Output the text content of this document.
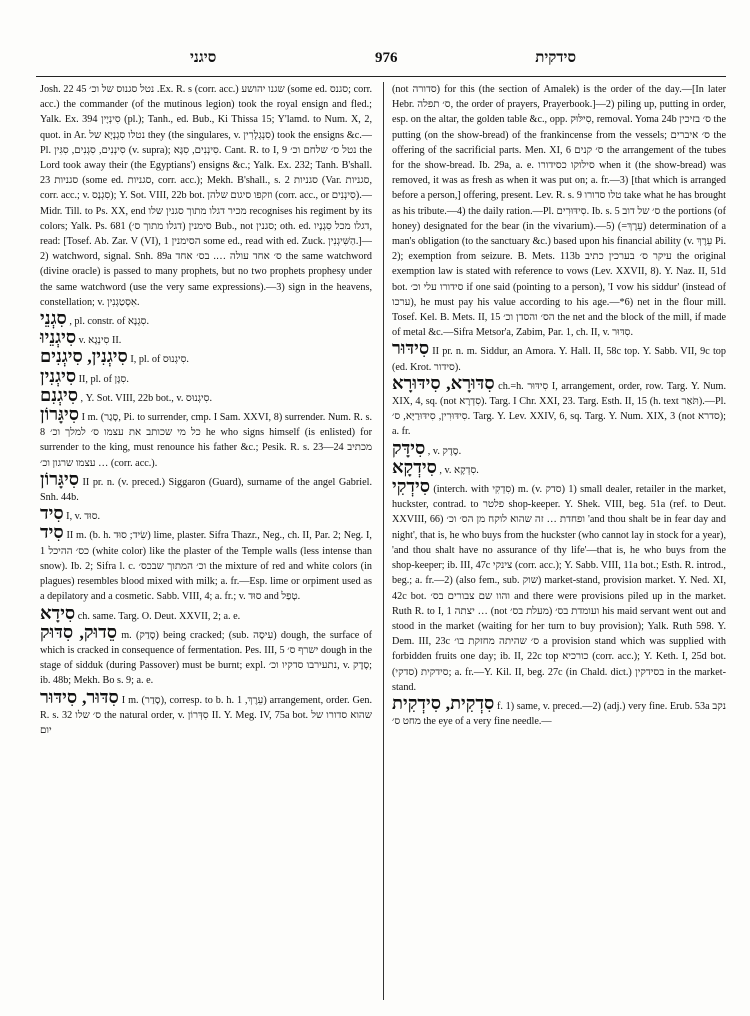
סיגני	976	סידקית

Josh. 22 נטל סגנוס של וכ׳ 45 .Ex. R. s (corr. acc.) שגנו יהושע (some ed. סגנס; corr. acc.) the commander (of the mutinous legion) took the royal ensign and fled.; Yalk. Ex. 394 סִינְיָין (pl.); Tanh., ed. Bub., Ki Thissa 15; Y'lamd. to Num. X, 2, quot. in Ar. נטלו סִגְנְיָא של they (the singulares, v. סִנְגְלָרִין) took the ensigns &c.—Pl. סִינְנִים, סִגְנִים, סִגִּין (v. supra); סִינְנִים, סִגָּא. Cant. R. to I, 9 נטל ס׳ שלחם וכ׳ the Lord took away their (the Egyptians') ensigns &c.; Yalk. Ex. 232; Tanh. B'shall. 23 סגניות (some ed. סגניות, corr. acc.); Mekh. B'shall., s. 2 סגניות (Var. סגניות, corr. acc.; v. סִגְנָס); Y. Sot. VIII, 22b bot. וזקפו סיגום שלהן (corr. acc., or סִינְנִים).— Midr. Till. to Ps. XX, end מכיר דגלו מתוך סגנין שלו recognises his regiment by its colors; Yalk. Ps. 681 סימנין (דגלו מתוך ס׳) Bub., not סגנין; oth. ed. דגלו מכל סִגְנָיו, read: [Tosef. Ab. Zar. V (VI), 1 הסימנין some ed., read with ed. Zuck. הַשִּׁיגְנִין.]—2) watchword, signal. Snh. 89a ס׳ אחד עולה …. בס׳ אחד the same watchword (divine oracle) is passed to many prophets, but no two prophets prophesy under the same watchword (use the very same expressions).—3) sign in the heavens, constellation; v. אִסְטַגְנִין.

סִגְנֵי , pl. constr. of סִגְנָא.

סִיגְנֵיוּ v. סִינְגָא II.

סִיגְנִין, סִיגְנִים I, pl. of סִיגְנוּס.

סִיגְנִין II, pl. of סִגָּן.

סִיגְנִם , Y. Sot. VIII, 22b bot., v. סִיגְנוּס.

סִיגָּרוֹן I m. (סָגַר, Pi. to surrender, cmp. I Sam. XXVI, 8) surrender. Num. R. s. 8 כל מי שכותב את עצמו ס׳ למלך וכ׳ he who signs himself (is enlisted) for surrender to the king, must renounce his father &c.; Pesik. R. s. 23—24 מכתיב עצמו שרגון וכ׳ … (corr. acc.).

סִיגָּרוֹן II pr. n. (v. preced.) Siggaron (Guard), surname of the angel Gabriel. Snh. 44b.

סִיד I, v. סוּד.

סִיד II m. (b. h. שִׂיד; סוּד) lime, plaster. Sifra Thazr., Neg., ch. II, Par. 2; Neg. I, 1 כס׳ ההיכל (white color) like the plaster of the Temple walls (less intense than snow). Ib. 2; Sifra l. c. וכ׳ המתוך שבכס׳ the mixture of red and white colors (in plagues) resembles blood mixed with milk; a. fr.—Esp. lime or orpiment used as a depilatory and a cosmetic. Sabb. VIII, 4; a. fr.; v. סוּד and טָפַל.

סִידָא ch. same. Targ. O. Deut. XXVII, 2; a. e.

סֵדוּק, סִדּוּק m. (סָדַק) being cracked; (sub. עִיסָה) dough, the surface of which is cracked in consequence of fermentation. Pes. III, 5 ישרף ס׳ dough in the stage of sidduk (during Passover) must be burnt; expl. נתעירבו סדקיו וכ׳, v. סֶדֶק; ib. 48b; Mekh. Bo s. 9; a. e.

סִדּוּר, סִידּוּר I m. (סָדַר), corresp. to b. h. עֵרֶךְ, 1) arrangement, order. Gen. R. s. 32 ס׳ שלו the natural order, v. סִדְּרוֹן II. Y. Meg. IV, 75a bot. שהוא סדורו של יום

(not סדורה) for this (the section of Amalek) is the order of the day.—[In later Hebr. ס׳ תפלה, the order of prayers, Prayerbook.]—2) piling up, putting in order, esp. on the altar, the golden table &c., opp. סִילּוּק, removal. Yoma 24b ס׳ בזיכין the putting (on the show-bread) of the frankincense from the vessels; ס׳ איברים the offering of the sacrificial parts. Men. XI, 6 ס׳ קנים the arrangement of the tubes for the show-bread. Ib. 29a, a. e. סילוקו כסידורו when it (the show-bread) was removed, it was as fresh as when it was put on; a. fr.—3) [that which is arranged before a person,] offering, present. Lev. R. s. 9 טלו סדורו take what he has brought as his tribute.—4) the daily ration.—Pl. סִידּוּרִים. Ib. s. 5 ס׳ של דוב the portions (of honey) designated for the bear (in the vivarium).—5) (=עֵרֶךְ) determination of a man's obligation (to the sanctuary &c.) based upon his financial ability (v. עֵרֶךְ Pi. 2); exemption from seizure. B. Mets. 113b עיקר ס׳ בערכין כתיב the original exemption law is stated with reference to vows (Lev. XXVII, 8). Y. Naz. II, 51d bot. סידורו עלי וכ׳ if one said (pointing to a person), 'I vow his siddur' (instead of ערכו), he must pay his value according to his age.—*6) net in the flour mill. Tosef. Kel. B. Mets. II, 15 הס׳ והסדן וכ׳ the net and the block of the mill, if made of metal &c.—Sifra Metsor'a, Zabim, Par. 1, ch. II, v. סִדּוּר.

סִידּוּר II pr. n. m. Siddur, an Amora. Y. Hall. II, 58c top. Y. Sabb. VII, 9c top (ed. Krot. סידור).

סִדּוּרָא, סִידּוּרָא ch.=h. סִידּוּר I, arrangement, order, row. Targ. Y. Num. XIX, 4, sq. (not סִדְרָא). Targ. I Chr. XXI, 23. Targ. Esth. II, 15 (h. text תֹּאַר).—Pl. סִידּוּרִין, סִידּוּרַיָּא, ס׳. Targ. Y. Lev. XXIV, 6, sq. Targ. Y. Num. XIX, 3 (not סדרא); a. fr.

סִידָּק , v. סֶדֶק.

סִידְקָא , v. סִדְקָא.

סִידְקִי (interch. with סִדְקִי) m. (v. סדק) 1) small dealer, retailer in the market, huckster, contrad. to פלטר shop-keeper. Y. Shek. VIII, beg. 51a (ref. to Deut. XXVIII, 66) ופחדת … זה שהוא לוקח מן הס׳ וכ׳ 'and thou shalt be in fear day and night', that is, he who buys from the huckster (who cannot lay in stock for a year), 'and thou shalt have no assurance of thy life'—that is, he who buys from the shop-keeper; ib. III, 47c צינקי (corr. acc.); Y. Sabb. VIII, 11a bot.; Esth. R. introd., beg.; a. fr.—2) (also fem., sub. שוק) market-stand, provision market. Y. Ned. XI, 42c bot. והוו שם צבורים בס׳ and there were provisions piled up in the market. Ruth R. to I, 1 יצתה … (not מעלת בס׳) ועומדת בס׳ his maid servant went out and stood in the market (waiting for her turn to buy provision); Yalk. Ruth 598. Y. Dem. III, 23c ס׳ שהיתה מחזקת בו׳ a provision stand which was supplied with forbidden fruits one day; ib. II, 22c top כורכיא (corr. acc.); Y. Keth. I, 25d bot. סידקית (סדקי); a. fr.—Y. Kil. II, beg. 27c (in Chald. dict.) בסידקין in the market-stand.

סִדְקִית, סִידְקִית f. 1) same, v. preced.—2) (adj.) very fine. Erub. 53a נקב מחט ס׳ the eye of a very fine needle.—
